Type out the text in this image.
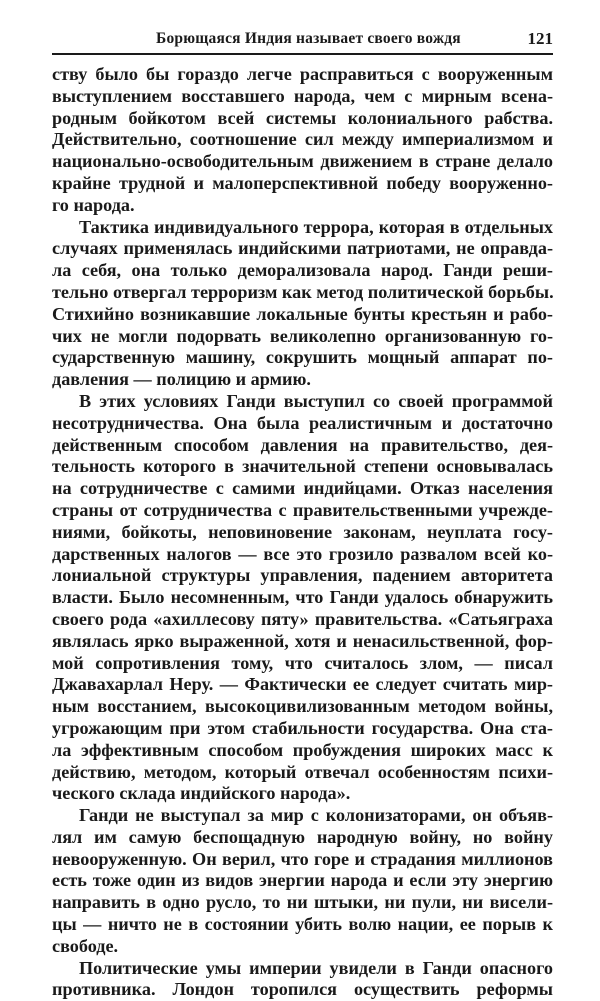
Борющаяся Индия называет своего вождя	121
ству было бы гораздо легче расправиться с вооруженным
выступлением восставшего народа, чем с мирным всена-
родным бойкотом всей системы колониального рабства.
Действительно, соотношение сил между империализмом и
национально-освободительным движением в стране делало
крайне трудной и малоперспективной победу вооруженно-
го народа.
Тактика индивидуального террора, которая в отдельных
случаях применялась индийскими патриотами, не оправда-
ла себя, она только деморализовала народ. Ганди реши-
тельно отвергал терроризм как метод политической борьбы.
Стихийно возникавшие локальные бунты крестьян и рабо-
чих не могли подорвать великолепно организованную го-
сударственную машину, сокрушить мощный аппарат по-
давления — полицию и армию.
В этих условиях Ганди выступил со своей программой
несотрудничества. Она была реалистичным и достаточно
действенным способом давления на правительство, дея-
тельность которого в значительной степени основывалась
на сотрудничестве с самими индийцами. Отказ населения
страны от сотрудничества с правительственными учрежде-
ниями, бойкоты, неповиновение законам, неуплата госу-
дарственных налогов — все это грозило развалом всей ко-
лониальной структуры управления, падением авторитета
власти. Было несомненным, что Ганди удалось обнаружить
своего рода «ахиллесову пяту» правительства. «Сатьяграха
являлась ярко выраженной, хотя и ненасильственной, фор-
мой сопротивления тому, что считалось злом, — писал
Джавахарлал Неру. — Фактически ее следует считать мир-
ным восстанием, высокоцивилизованным методом войны,
угрожающим при этом стабильности государства. Она ста-
ла эффективным способом пробуждения широких масс к
действию, методом, который отвечал особенностям психи-
ческого склада индийского народа».
Ганди не выступал за мир с колонизаторами, он объяв-
лял им самую беспощадную народную войну, но войну
невооруженную. Он верил, что горе и страдания миллионов
есть тоже один из видов энергии народа и если эту энергию
направить в одно русло, то ни штыки, ни пули, ни висели-
цы — ничто не в состоянии убить волю нации, ее порыв к
свободе.
Политические умы империи увидели в Ганди опасного
противника. Лондон торопился осуществить реформы
